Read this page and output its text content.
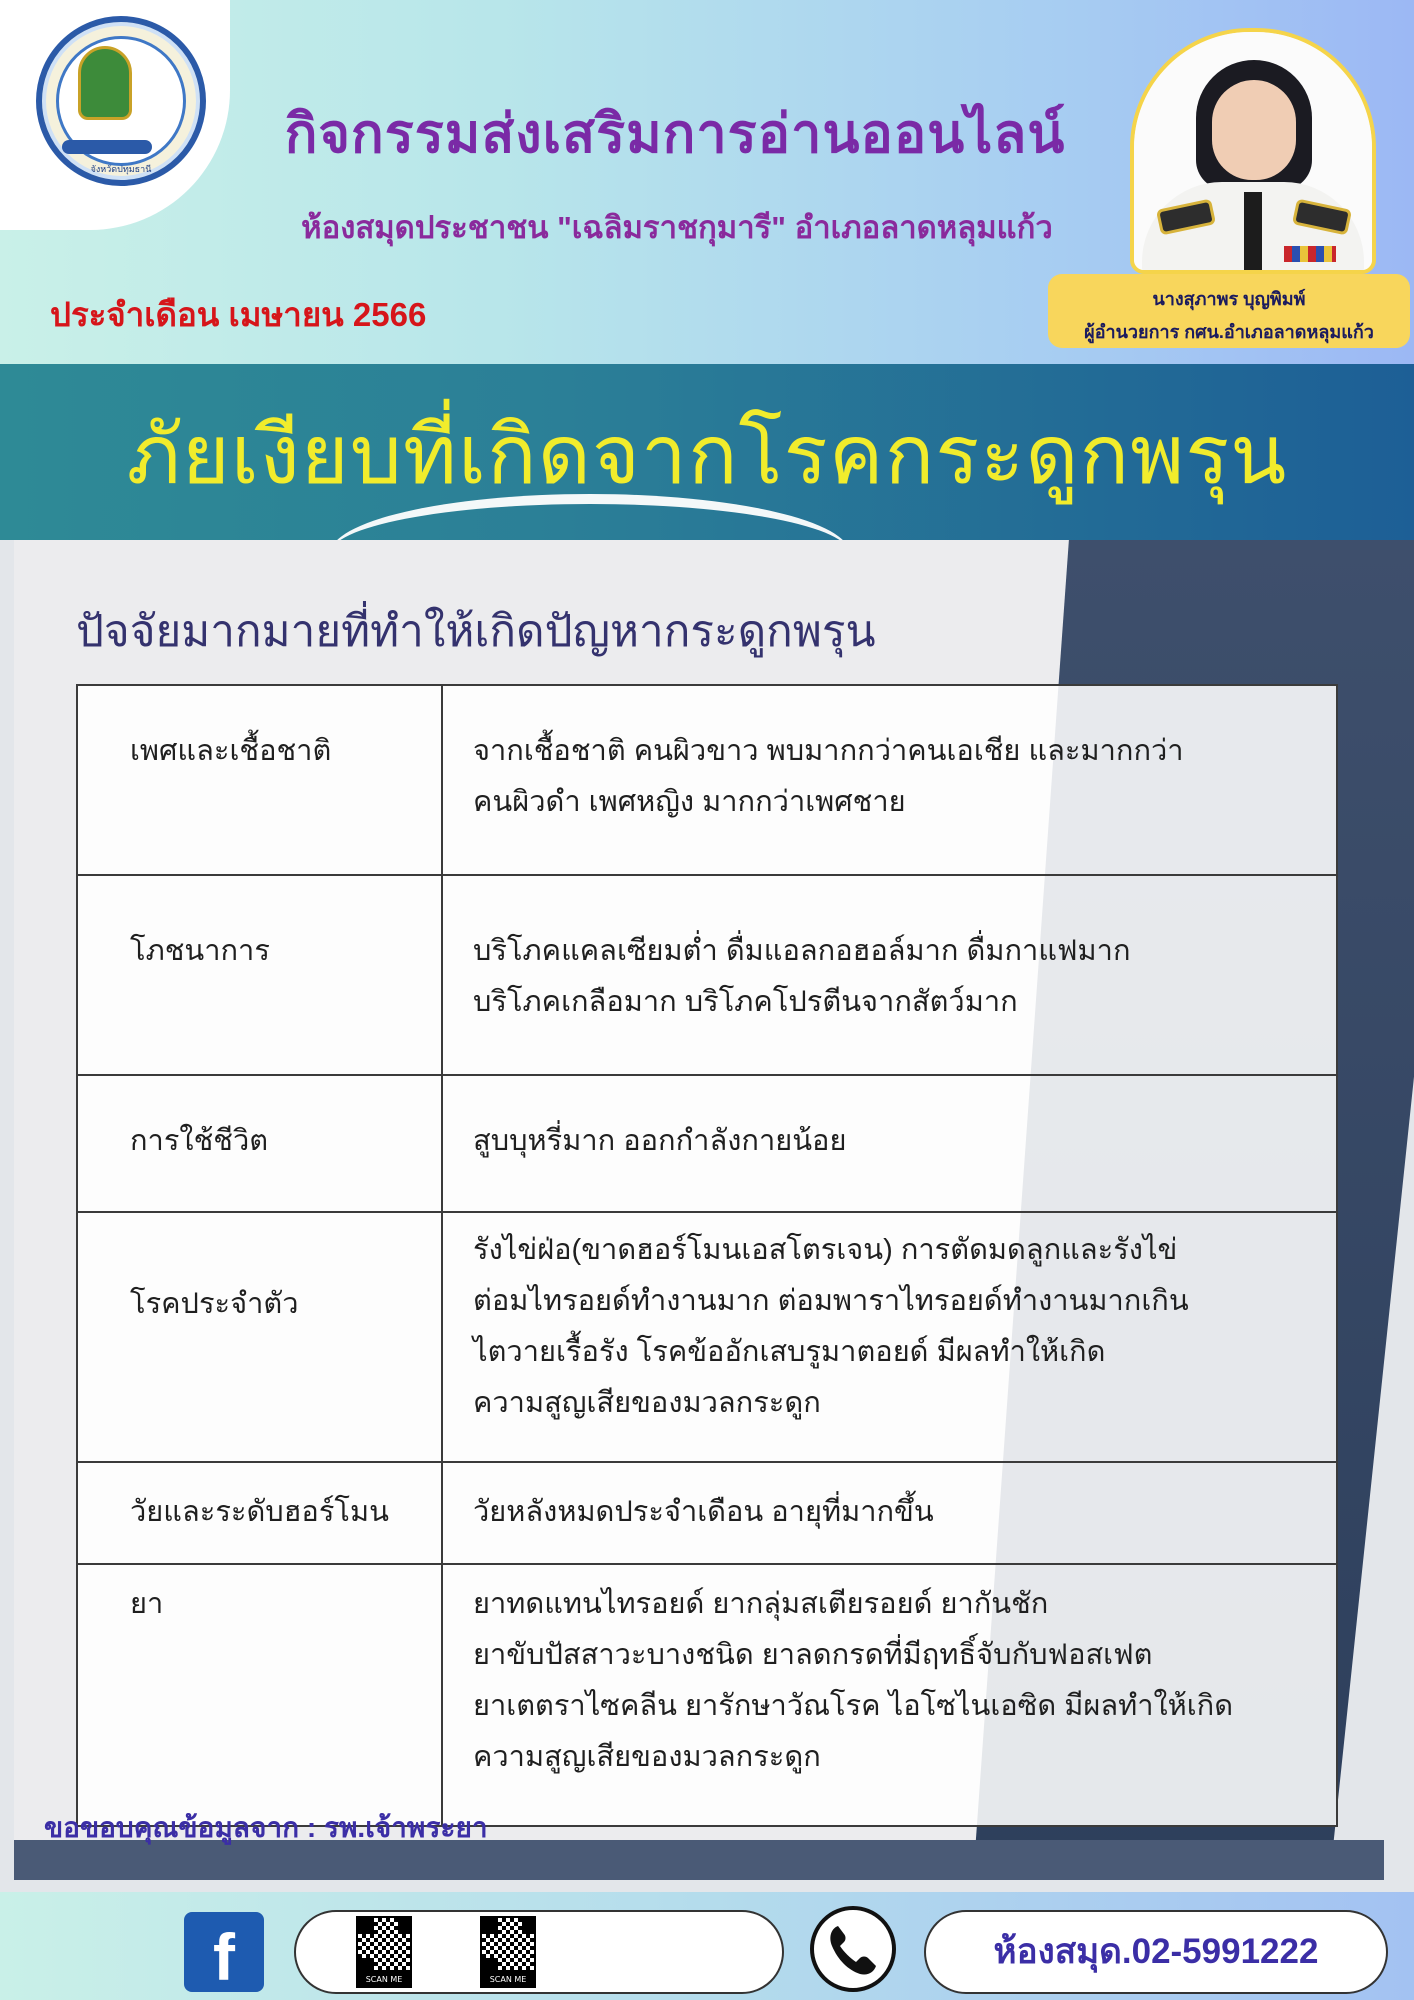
จังหวัดปทุมธานี
กิจกรรมส่งเสริมการอ่านออนไลน์
ห้องสมุดประชาชน "เฉลิมราชกุมารี" อำเภอลาดหลุมแก้ว
ประจำเดือน เมษายน 2566	นางสุภาพร บุญพิมพ์
ผู้อำนวยการ กศน.อำเภอลาดหลุมแก้ว
ภัยเงียบที่เกิดจากโรคกระดูกพรุน
ปัจจัยมากมายที่ทำให้เกิดปัญหากระดูกพรุน
เพศและเชื้อชาติ	จากเชื้อชาติ คนผิวขาว พบมากกว่าคนเอเชีย และมากกว่า
คนผิวดำ เพศหญิง มากกว่าเพศชาย

โภชนาการ	บริโภคแคลเซียมต่ำ ดื่มแอลกอฮอล์มาก ดื่มกาแฟมาก
บริโภคเกลือมาก บริโภคโปรตีนจากสัตว์มาก

การใช้ชีวิต	สูบบุหรี่มาก ออกกำลังกายน้อย

โรคประจำตัว	รังไข่ฝ่อ(ขาดฮอร์โมนเอสโตรเจน) การตัดมดลูกและรังไข่
ต่อมไทรอยด์ทำงานมาก ต่อมพาราไทรอยด์ทำงานมากเกิน
ไตวายเรื้อรัง โรคข้ออักเสบรูมาตอยด์ มีผลทำให้เกิด
ความสูญเสียของมวลกระดูก

วัยและระดับฮอร์โมน	วัยหลังหมดประจำเดือน อายุที่มากขึ้น

ยา	ยาทดแทนไทรอยด์ ยากลุ่มสเตียรอยด์ ยากันชัก
ยาขับปัสสาวะบางชนิด ยาลดกรดที่มีฤทธิ์จับกับฟอสเฟต
ยาเตตราไซคลีน ยารักษาวัณโรค ไอโซไนเอซิด มีผลทำให้เกิด
ความสูญเสียของมวลกระดูก
ขอขอบคุณข้อมูลจาก : รพ.เจ้าพระยา
f	SCAN ME	SCAN ME
ห้องสมุด.02-5991222
